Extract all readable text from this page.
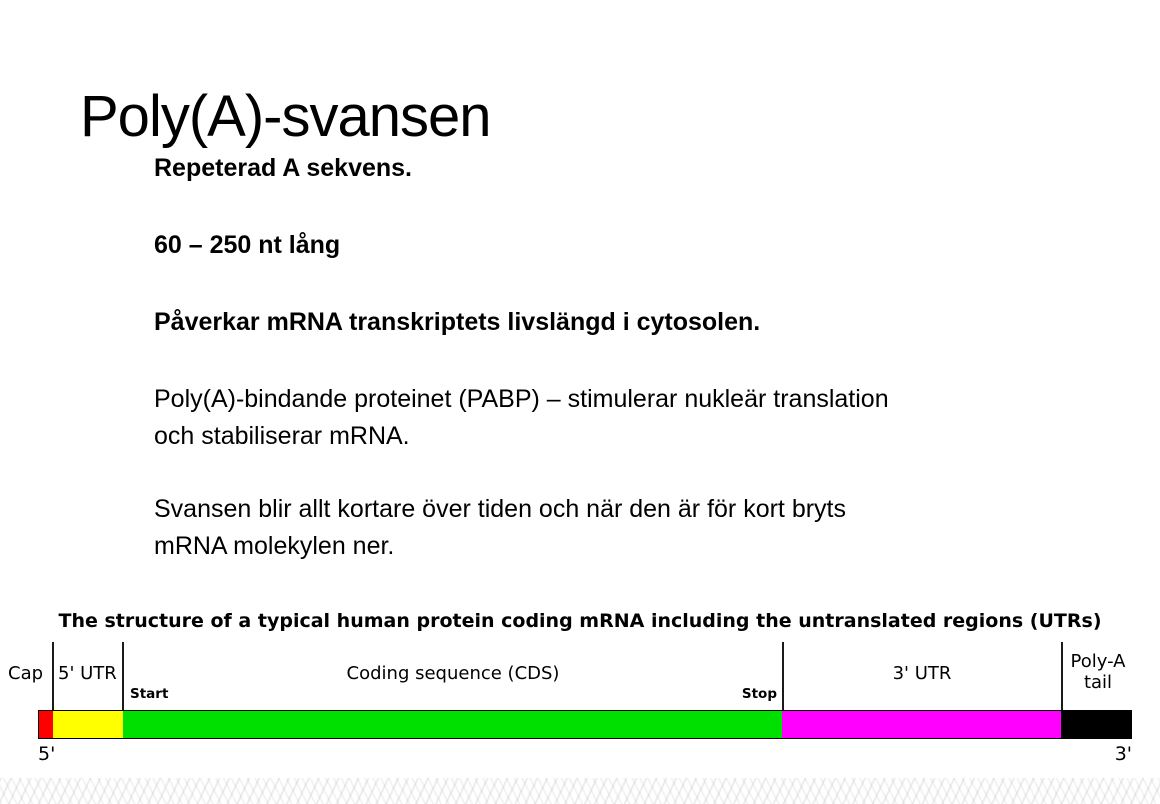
Poly(A)-svansen

Repeterad A sekvens.

60 – 250 nt lång

Påverkar mRNA transkriptets livslängd i cytosolen.

Poly(A)-bindande proteinet (PABP) – stimulerar nukleär translation
och stabiliserar mRNA.

Svansen blir allt kortare över tiden och när den är för kort bryts
mRNA molekylen ner.

The structure of a typical human protein coding mRNA including the untranslated regions (UTRs)
Cap 5' UTR	Coding sequence (CDS)	3' UTR
Poly-A
tail
Start	Stop
5'	3'
